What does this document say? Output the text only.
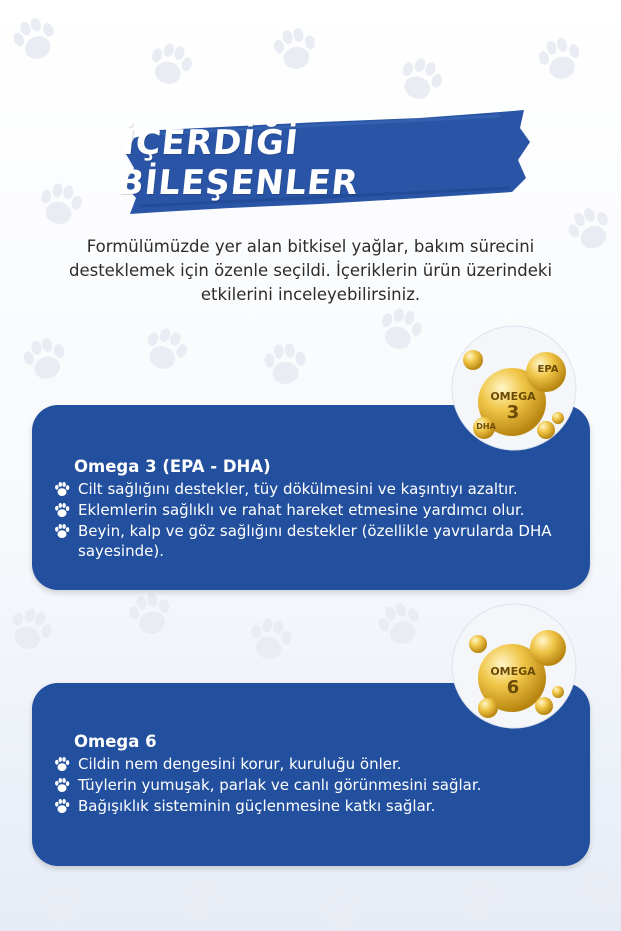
İÇERDİĞİ BİLEŞENLER
Formülümüzde yer alan bitkisel yağlar, bakım sürecini desteklemek için özenle seçildi. İçeriklerin ürün üzerindeki etkilerini inceleyebilirsiniz.
Omega 3 (EPA - DHA)
Cilt sağlığını destekler, tüy dökülmesini ve kaşıntıyı azaltır.
Eklemlerin sağlıklı ve rahat hareket etmesine yardımcı olur.
Beyin, kalp ve göz sağlığını destekler (özellikle yavrularda DHA sayesinde).
EPA
OMEGA
3
DHA
Omega 6
Cildin nem dengesini korur, kuruluğu önler.
Tüylerin yumuşak, parlak ve canlı görünmesini sağlar.
Bağışıklık sisteminin güçlenmesine katkı sağlar.
OMEGA
6
